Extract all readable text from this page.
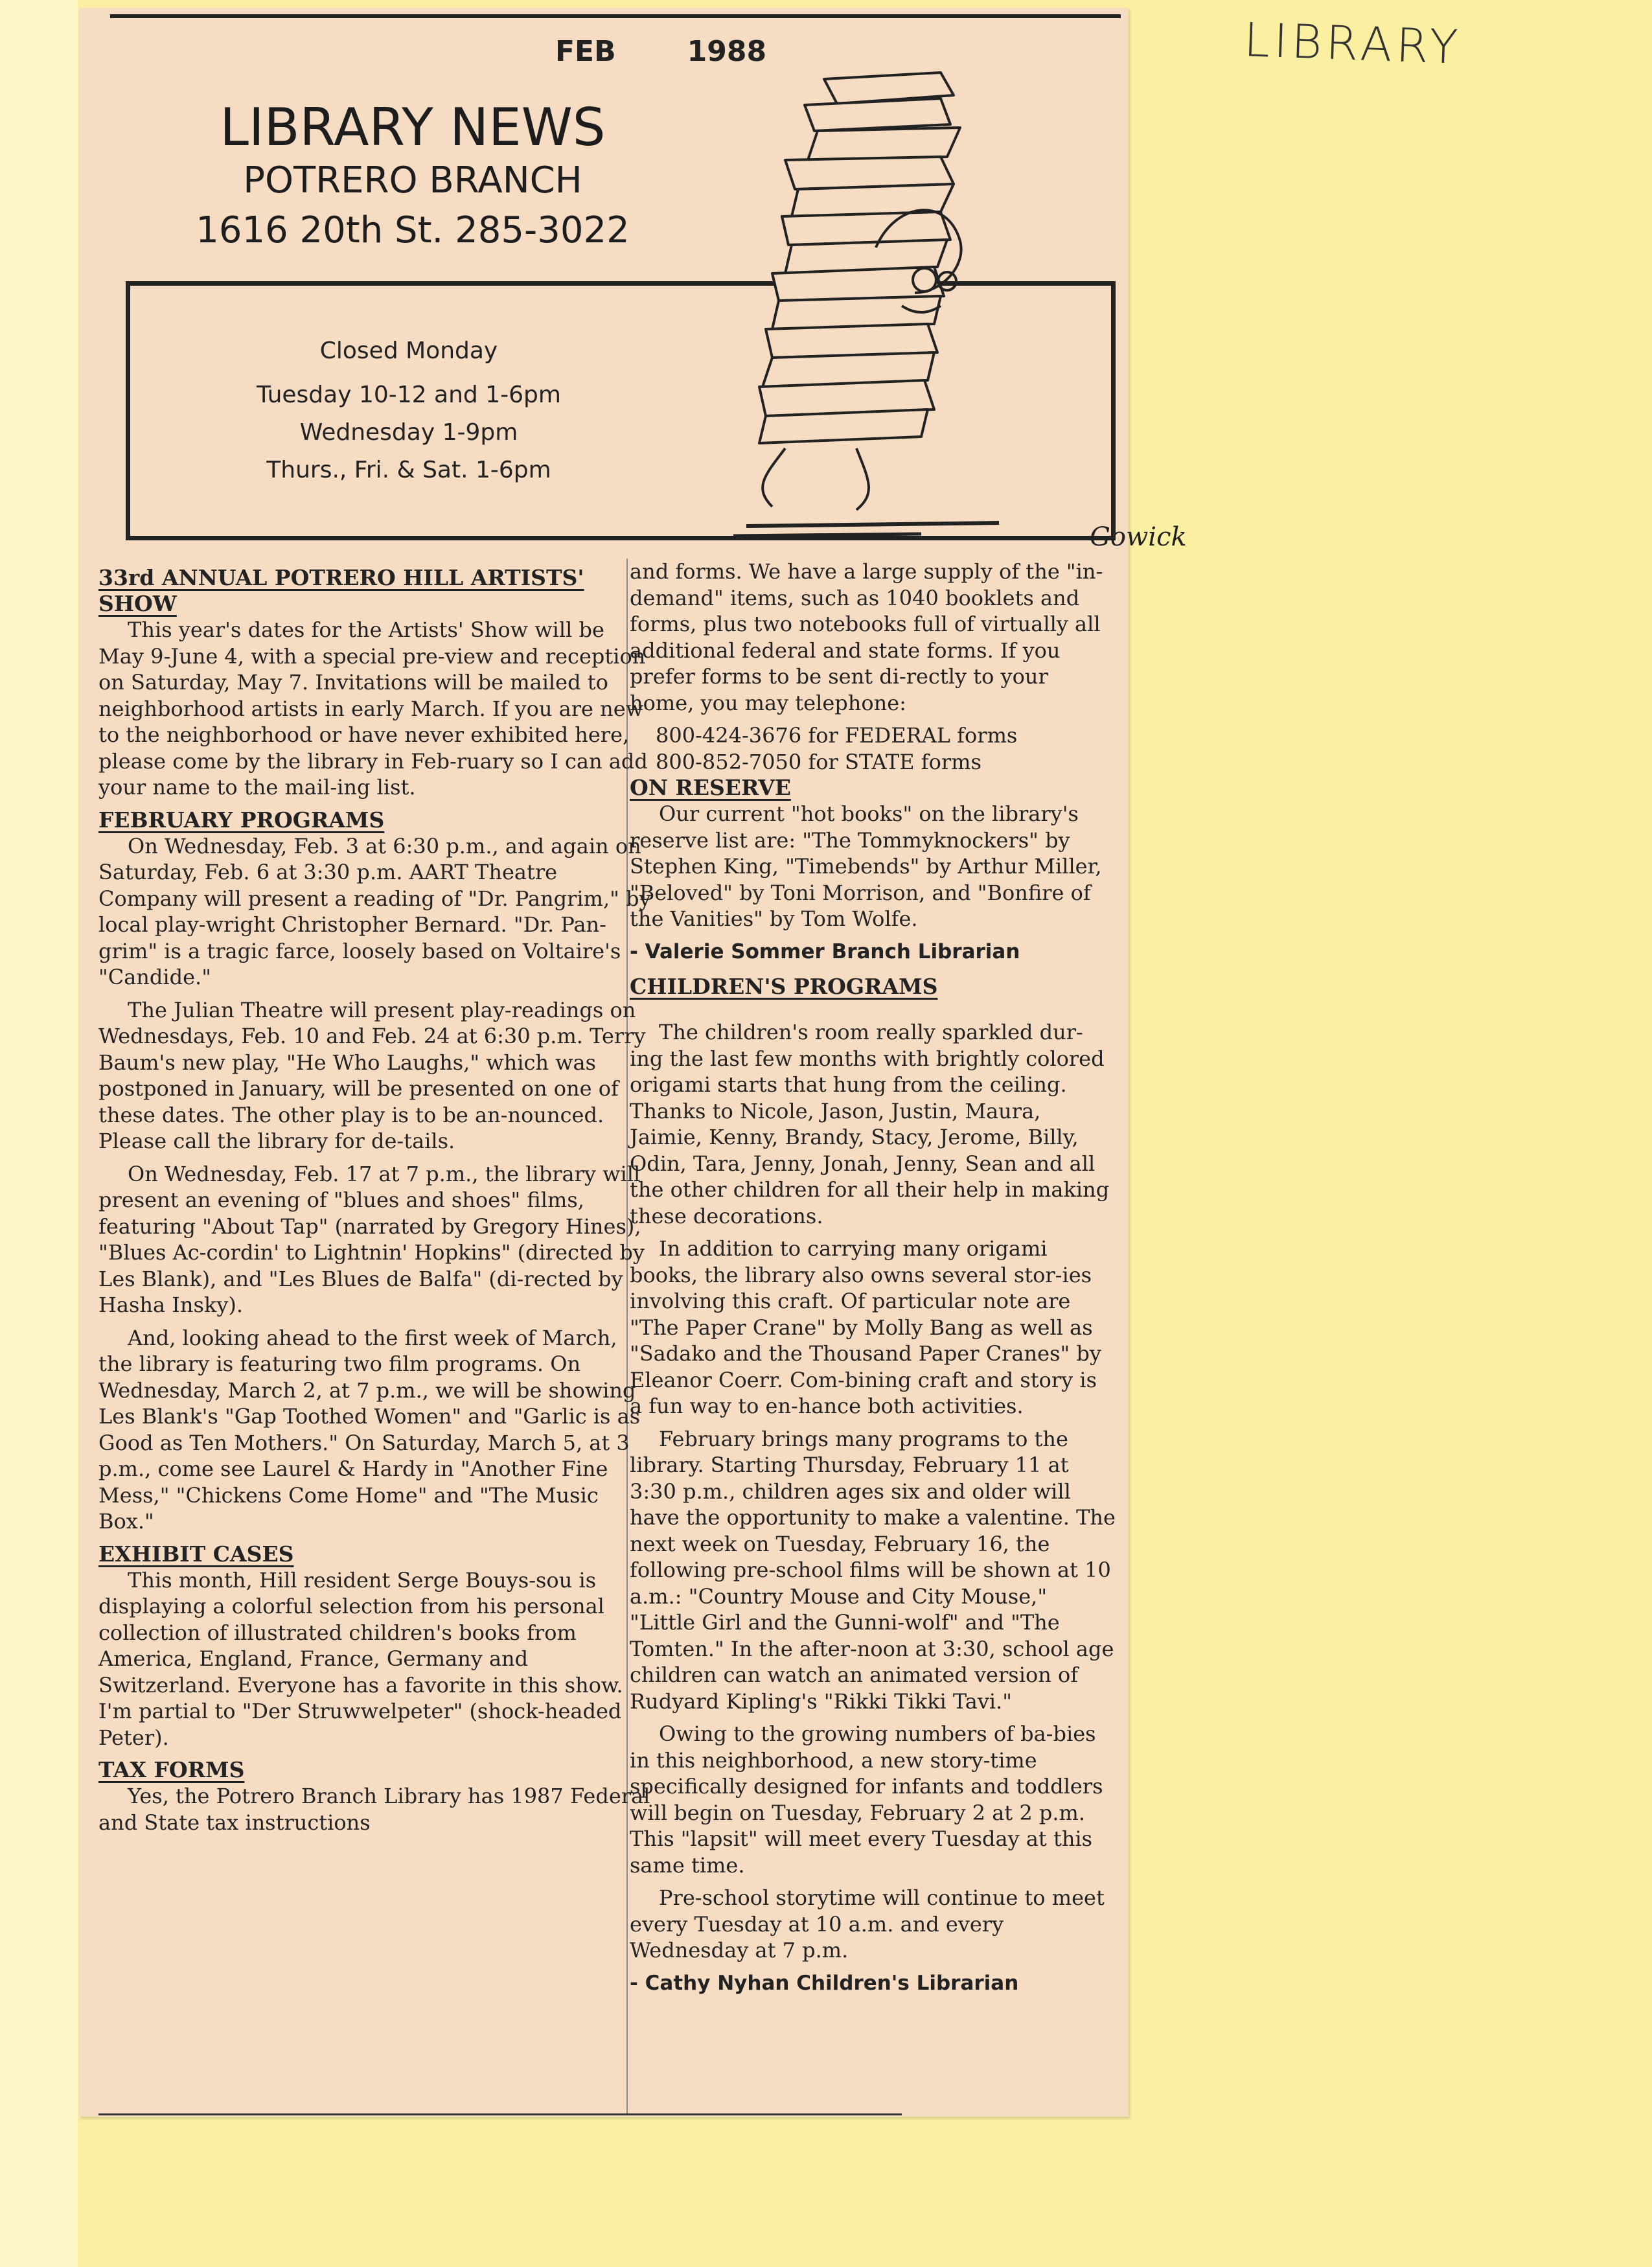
LIBRARY
FEB	1988
LIBRARY NEWS
POTRERO BRANCH
1616 20th St. 285-3022
Closed Monday
Tuesday 10-12 and 1-6pm
Wednesday 1-9pm
Thurs., Fri. & Sat. 1-6pm
Gowick
33rd ANNUAL POTRERO HILL ARTISTS' SHOW

This year's dates for the Artists' Show will be May 9-June 4, with a special pre-view and reception on Saturday, May 7. Invitations will be mailed to neighborhood artists in early March. If you are new to the neighborhood or have never exhibited here, please come by the library in Feb-ruary so I can add your name to the mail-ing list.

FEBRUARY PROGRAMS

On Wednesday, Feb. 3 at 6:30 p.m., and again on Saturday, Feb. 6 at 3:30 p.m. AART Theatre Company will present a reading of "Dr. Pangrim," by local play-wright Christopher Bernard. "Dr. Pan-grim" is a tragic farce, loosely based on Voltaire's "Candide."

The Julian Theatre will present play-readings on Wednesdays, Feb. 10 and Feb. 24 at 6:30 p.m. Terry Baum's new play, "He Who Laughs," which was postponed in January, will be presented on one of these dates. The other play is to be an-nounced. Please call the library for de-tails.

On Wednesday, Feb. 17 at 7 p.m., the library will present an evening of "blues and shoes" films, featuring "About Tap" (narrated by Gregory Hines), "Blues Ac-cordin' to Lightnin' Hopkins" (directed by Les Blank), and "Les Blues de Balfa" (di-rected by Hasha Insky).

And, looking ahead to the first week of March, the library is featuring two film programs. On Wednesday, March 2, at 7 p.m., we will be showing Les Blank's "Gap Toothed Women" and "Garlic is as Good as Ten Mothers." On Saturday, March 5, at 3 p.m., come see Laurel & Hardy in "Another Fine Mess," "Chickens Come Home" and "The Music Box."

EXHIBIT CASES

This month, Hill resident Serge Bouys-sou is displaying a colorful selection from his personal collection of illustrated children's books from America, England, France, Germany and Switzerland. Everyone has a favorite in this show. I'm partial to "Der Struwwelpeter" (shock-headed Peter).

TAX FORMS

Yes, the Potrero Branch Library has 1987 Federal and State tax instructions

and forms. We have a large supply of the "in-demand" items, such as 1040 booklets and forms, plus two notebooks full of virtually all additional federal and state forms. If you prefer forms to be sent di-rectly to your home, you may telephone:

800-424-3676 for FEDERAL forms
800-852-7050 for STATE forms
ON RESERVE

Our current "hot books" on the library's reserve list are: "The Tommyknockers" by Stephen King, "Timebends" by Arthur Miller, "Beloved" by Toni Morrison, and "Bonfire of the Vanities" by Tom Wolfe.

- Valerie Sommer Branch Librarian
CHILDREN'S PROGRAMS

The children's room really sparkled dur-ing the last few months with brightly colored origami starts that hung from the ceiling. Thanks to Nicole, Jason, Justin, Maura, Jaimie, Kenny, Brandy, Stacy, Jerome, Billy, Odin, Tara, Jenny, Jonah, Jenny, Sean and all the other children for all their help in making these decorations.

In addition to carrying many origami books, the library also owns several stor-ies involving this craft. Of particular note are "The Paper Crane" by Molly Bang as well as "Sadako and the Thousand Paper Cranes" by Eleanor Coerr. Com-bining craft and story is a fun way to en-hance both activities.

February brings many programs to the library. Starting Thursday, February 11 at 3:30 p.m., children ages six and older will have the opportunity to make a valentine. The next week on Tuesday, February 16, the following pre-school films will be shown at 10 a.m.: "Country Mouse and City Mouse," "Little Girl and the Gunni-wolf" and "The Tomten." In the after-noon at 3:30, school age children can watch an animated version of Rudyard Kipling's "Rikki Tikki Tavi."

Owing to the growing numbers of ba-bies in this neighborhood, a new story-time specifically designed for infants and toddlers will begin on Tuesday, February 2 at 2 p.m. This "lapsit" will meet every Tuesday at this same time.

Pre-school storytime will continue to meet every Tuesday at 10 a.m. and every Wednesday at 7 p.m.

- Cathy Nyhan Children's Librarian
